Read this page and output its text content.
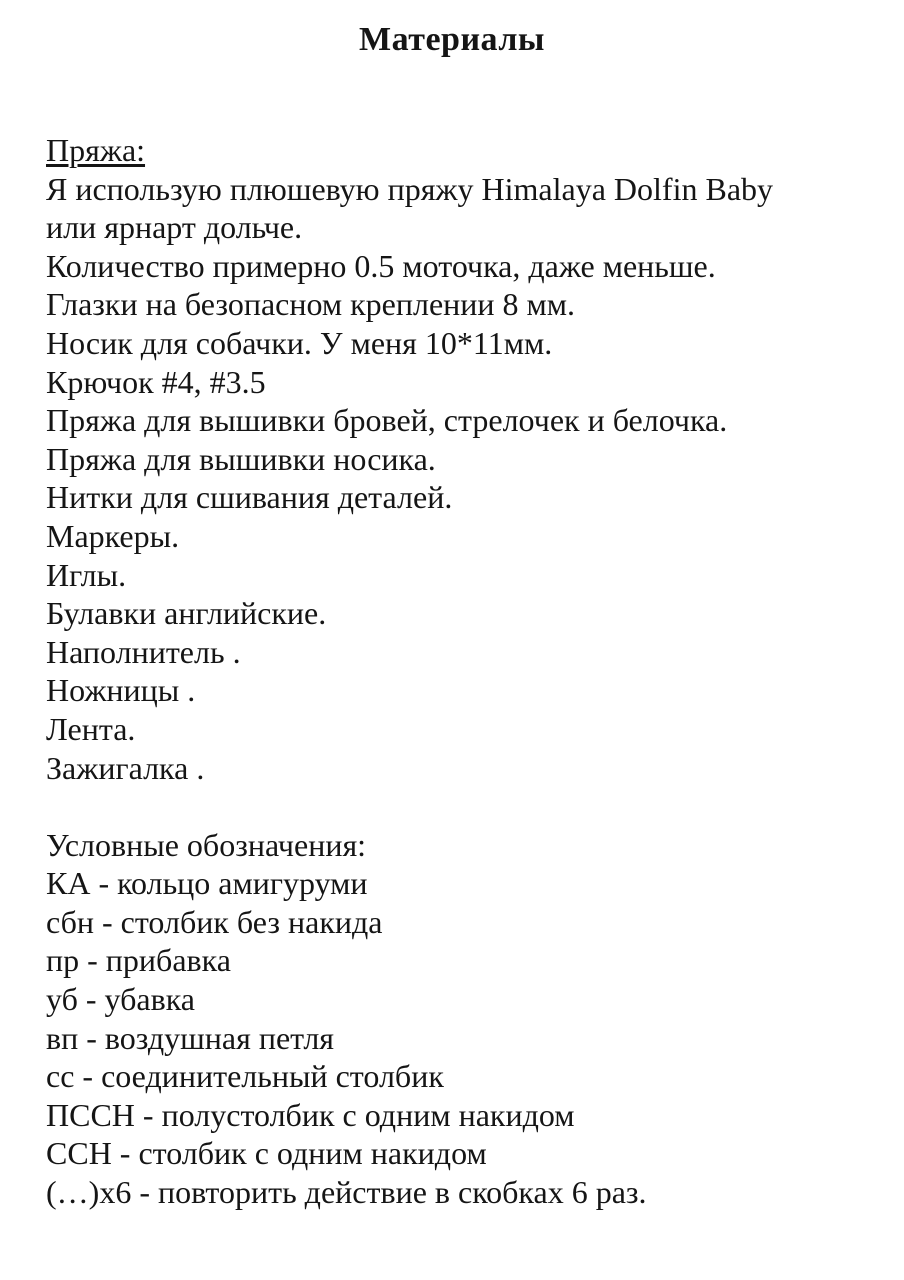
Материалы
Пряжа:
Я использую плюшевую пряжу Himalaya Dolfin Baby
или ярнарт дольче.
Количество примерно 0.5 моточка, даже меньше.
Глазки на безопасном креплении 8 мм.
Носик для собачки. У меня 10*11мм.
Крючок #4, #3.5
Пряжа для вышивки бровей, стрелочек и белочка.
Пряжа для вышивки носика.
Нитки для сшивания деталей.
Маркеры.
Иглы.
Булавки английские.
Наполнитель .
Ножницы .
Лента.
Зажигалка .
Условные обозначения:
КА - кольцо амигуруми
сбн - столбик без накида
пр - прибавка
уб - убавка
вп - воздушная петля
сс - соединительный столбик
ПССН - полустолбик с одним накидом
ССН - столбик с одним накидом
(…)х6 - повторить действие в скобках 6 раз.
